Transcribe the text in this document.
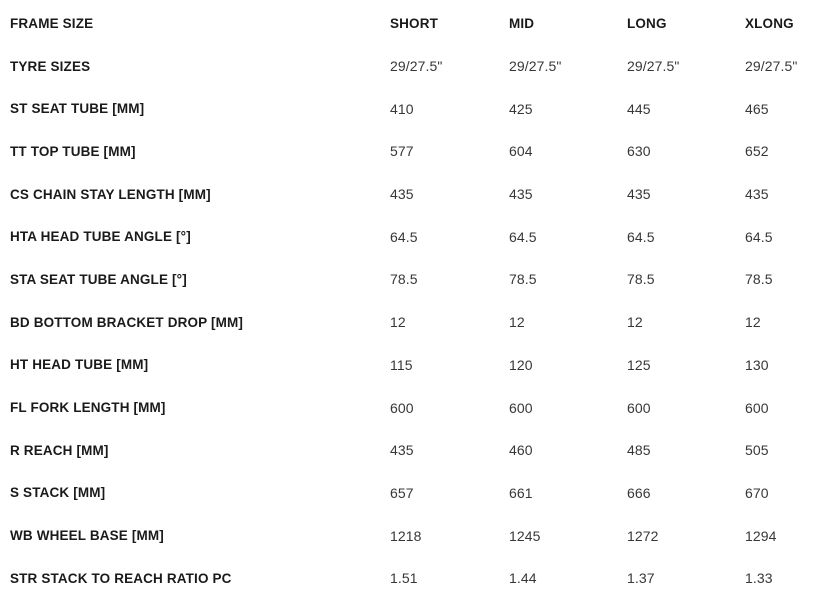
FRAME SIZE	SHORT	MID	LONG	XLONG
TYRE SIZES	29/27.5"	29/27.5"	29/27.5"	29/27.5"
ST SEAT TUBE [MM]	410	425	445	465
TT TOP TUBE [MM]	577	604	630	652
CS CHAIN STAY LENGTH [MM]	435	435	435	435
HTA HEAD TUBE ANGLE [°]	64.5	64.5	64.5	64.5
STA SEAT TUBE ANGLE [°]	78.5	78.5	78.5	78.5
BD BOTTOM BRACKET DROP [MM]	12	12	12	12
HT HEAD TUBE [MM]	115	120	125	130
FL FORK LENGTH [MM]	600	600	600	600
R REACH [MM]	435	460	485	505
S STACK [MM]	657	661	666	670
WB WHEEL BASE [MM]	1218	1245	1272	1294
STR STACK TO REACH RATIO PC	1.51	1.44	1.37	1.33
